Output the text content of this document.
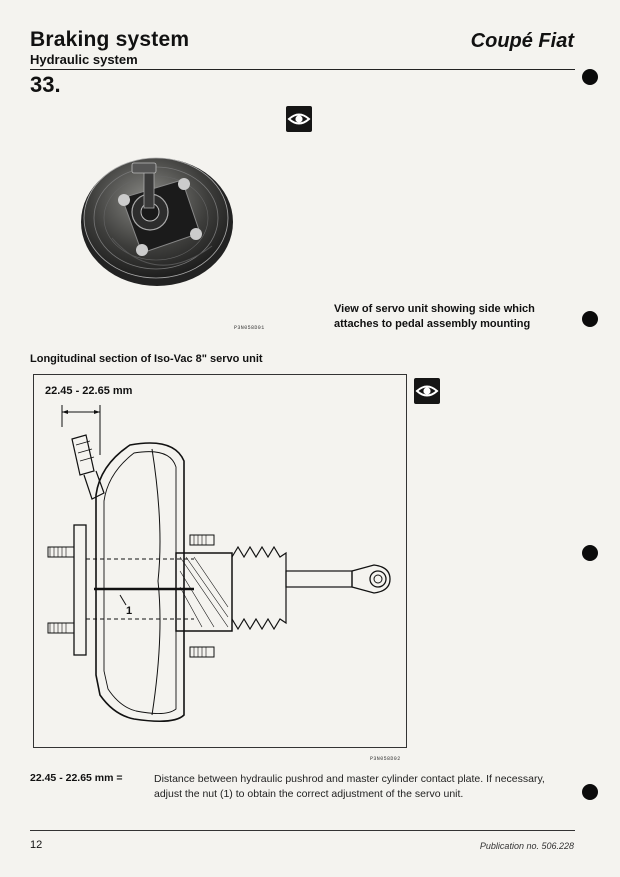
Braking system	Coupé Fiat
Hydraulic system
33.
P3N058D01
View of servo unit showing side which attaches to pedal assembly mounting
Longitudinal section of Iso-Vac 8" servo unit
22.45 - 22.65 mm
1
P3N058D02
22.45 - 22.65 mm =	Distance between hydraulic pushrod and master cylinder contact plate. If necessary, adjust the nut (1) to obtain the correct adjustment of the servo unit.
12	Publication no. 506.228
